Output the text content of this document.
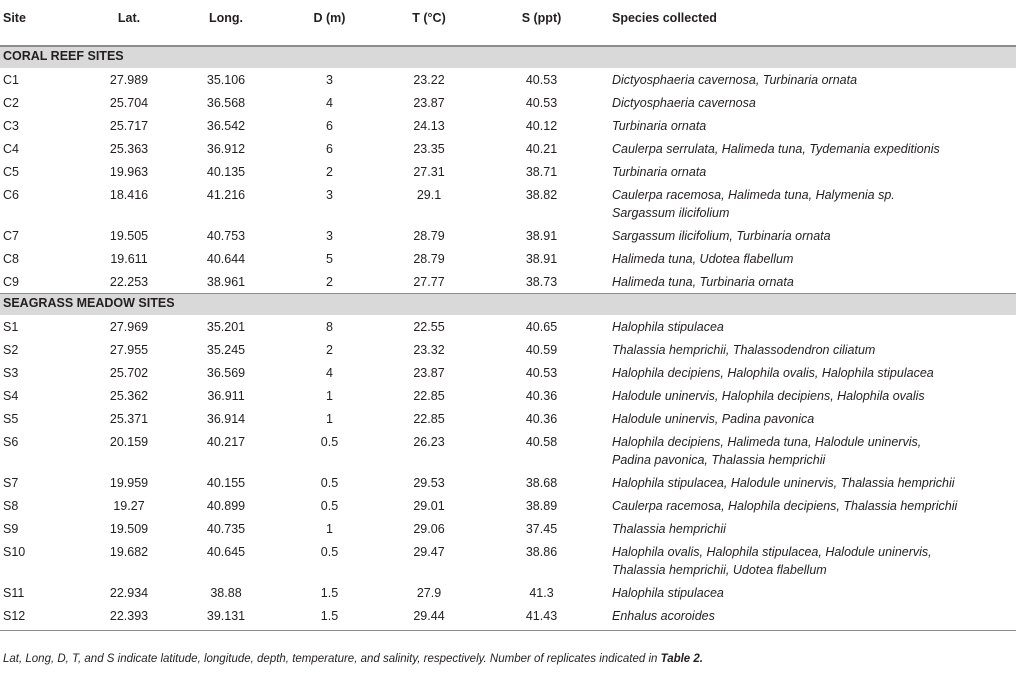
Site	Lat.	Long.	D (m)	T (°C)	S (ppt)	Species collected
CORAL REEF SITES						
C1	27.989	35.106	3	23.22	40.53	Dictyosphaeria cavernosa, Turbinaria ornata

C2	25.704	36.568	4	23.87	40.53	Dictyosphaeria cavernosa

C3	25.717	36.542	6	24.13	40.12	Turbinaria ornata

C4	25.363	36.912	6	23.35	40.21	Caulerpa serrulata, Halimeda tuna, Tydemania expeditionis

C5	19.963	40.135	2	27.31	38.71	Turbinaria ornata

C6	18.416	41.216	3	29.1	38.82	Caulerpa racemosa, Halimeda tuna, Halymenia sp.
Sargassum ilicifolium

C7	19.505	40.753	3	28.79	38.91	Sargassum ilicifolium, Turbinaria ornata

C8	19.611	40.644	5	28.79	38.91	Halimeda tuna, Udotea flabellum

C9	22.253	38.961	2	27.77	38.73	Halimeda tuna, Turbinaria ornata

SEAGRASS MEADOW SITES						
S1	27.969	35.201	8	22.55	40.65	Halophila stipulacea

S2	27.955	35.245	2	23.32	40.59	Thalassia hemprichii, Thalassodendron ciliatum

S3	25.702	36.569	4	23.87	40.53	Halophila decipiens, Halophila ovalis, Halophila stipulacea

S4	25.362	36.911	1	22.85	40.36	Halodule uninervis, Halophila decipiens, Halophila ovalis

S5	25.371	36.914	1	22.85	40.36	Halodule uninervis, Padina pavonica

S6	20.159	40.217	0.5	26.23	40.58	Halophila decipiens, Halimeda tuna, Halodule uninervis,
Padina pavonica, Thalassia hemprichii

S7	19.959	40.155	0.5	29.53	38.68	Halophila stipulacea, Halodule uninervis, Thalassia hemprichii

S8	19.27	40.899	0.5	29.01	38.89	Caulerpa racemosa, Halophila decipiens, Thalassia hemprichii

S9	19.509	40.735	1	29.06	37.45	Thalassia hemprichii

S10	19.682	40.645	0.5	29.47	38.86	Halophila ovalis, Halophila stipulacea, Halodule uninervis,
Thalassia hemprichii, Udotea flabellum

S11	22.934	38.88	1.5	27.9	41.3	Halophila stipulacea

S12	22.393	39.131	1.5	29.44	41.43	Enhalus acoroides
Lat, Long, D, T, and S indicate latitude, longitude, depth, temperature, and salinity, respectively. Number of replicates indicated in Table 2.
